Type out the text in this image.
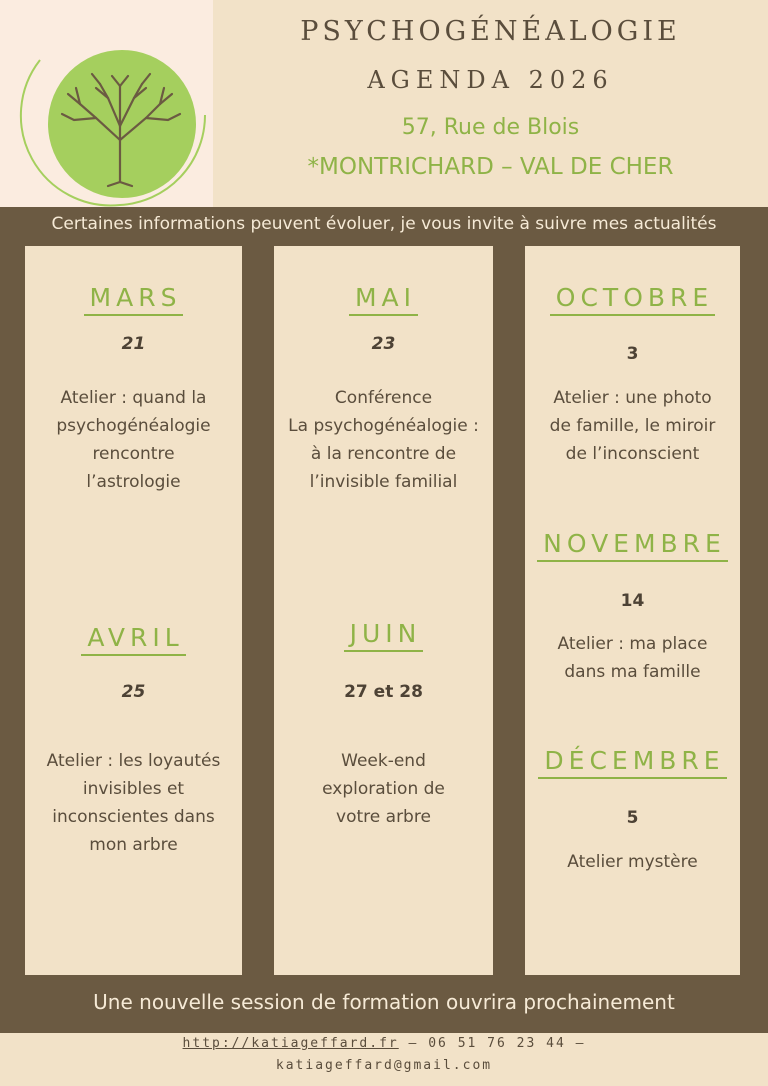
PSYCHOGÉNÉALOGIE
AGENDA 2026
57, Rue de Blois
*MONTRICHARD – VAL DE CHER
Certaines informations peuvent évoluer, je vous invite à suivre mes actualités
MARS
21
Atelier : quand la
psychogénéalogie
rencontre
l’astrologie
AVRIL
25
Atelier : les loyautés
invisibles et
inconscientes dans
mon arbre
MAI
23
Conférence
La psychogénéalogie :
à la rencontre de
l’invisible familial
JUIN
27 et 28
Week-end
exploration de
votre arbre
OCTOBRE
3
Atelier : une photo
de famille, le miroir
de l’inconscient
NOVEMBRE
14
Atelier : ma place
dans ma famille
DÉCEMBRE
5
Atelier mystère
Une nouvelle session de formation ouvrira prochainement
http://katiageffard.fr – 06 51 76 23 44 –
katiageffard@gmail.com
